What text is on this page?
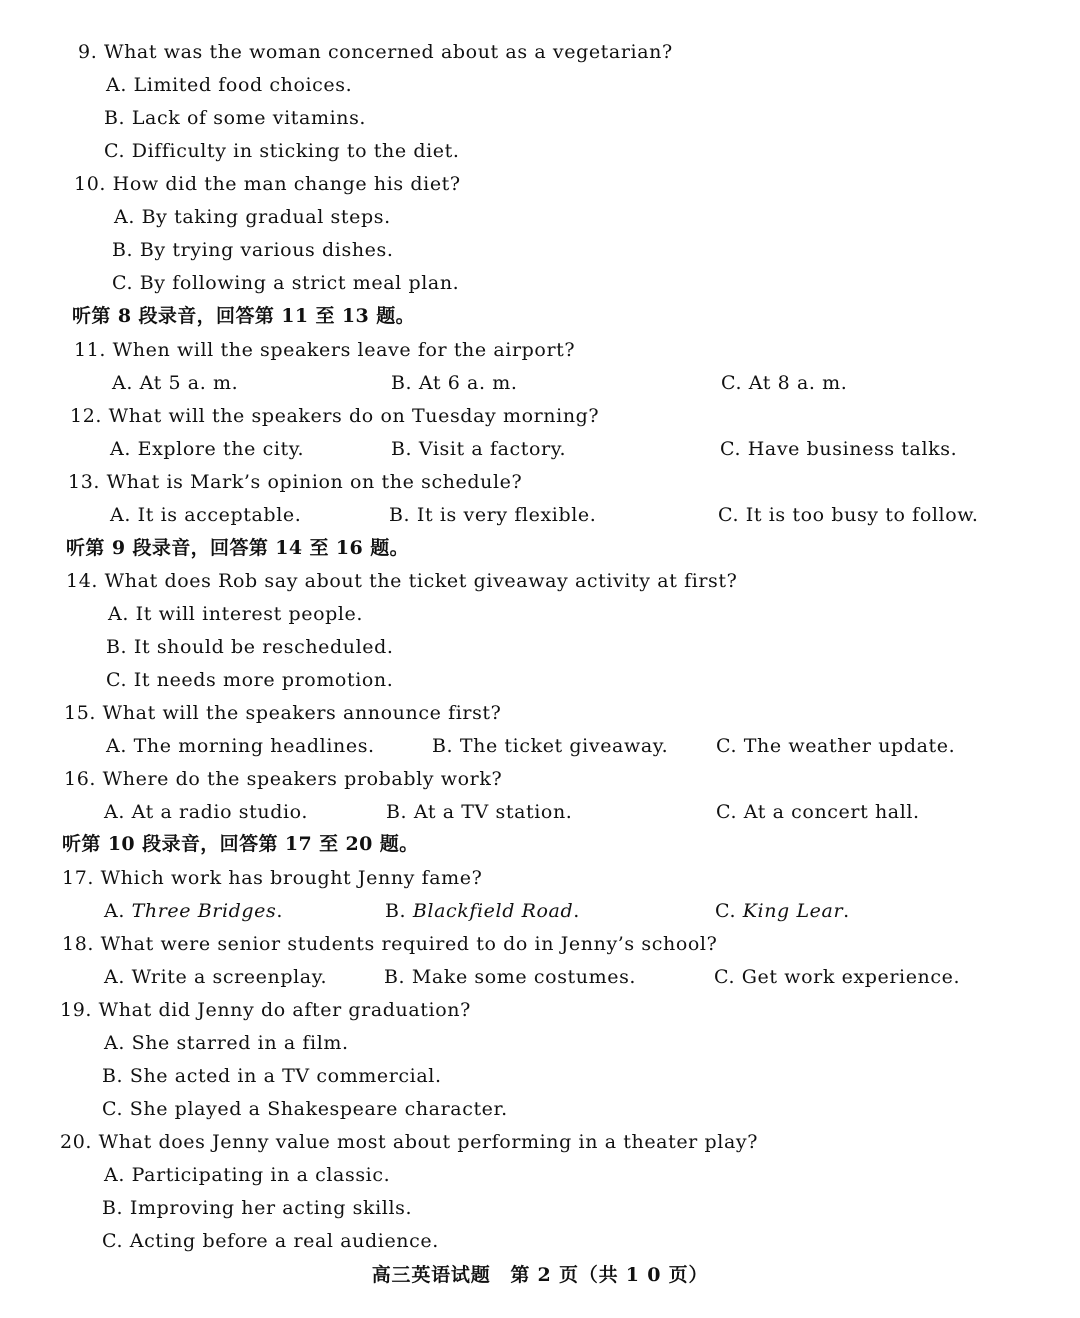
9. What was the woman concerned about as a vegetarian?
A. Limited food choices.
B. Lack of some vitamins.
C. Difficulty in sticking to the diet.
10. How did the man change his diet?
A. By taking gradual steps.
B. By trying various dishes.
C. By following a strict meal plan.
听第 8 段录音，回答第 11 至 13 题。
11. When will the speakers leave for the airport?
A. At 5 a. m.	B. At 6 a. m.	C. At 8 a. m.
12. What will the speakers do on Tuesday morning?
A. Explore the city.	B. Visit a factory.	C. Have business talks.
13. What is Mark’s opinion on the schedule?
A. It is acceptable.	B. It is very flexible.	C. It is too busy to follow.
听第 9 段录音，回答第 14 至 16 题。
14. What does Rob say about the ticket giveaway activity at first?
A. It will interest people.
B. It should be rescheduled.
C. It needs more promotion.
15. What will the speakers announce first?
A. The morning headlines.	B. The ticket giveaway.	C. The weather update.
16. Where do the speakers probably work?
A. At a radio studio.	B. At a TV station.	C. At a concert hall.
听第 10 段录音，回答第 17 至 20 题。
17. Which work has brought Jenny fame?
A. Three Bridges.	B. Blackfield Road.	C. King Lear.
18. What were senior students required to do in Jenny’s school?
A. Write a screenplay.	B. Make some costumes.	C. Get work experience.
19. What did Jenny do after graduation?
A. She starred in a film.
B. She acted in a TV commercial.
C. She played a Shakespeare character.
20. What does Jenny value most about performing in a theater play?
A. Participating in a classic.
B. Improving her acting skills.
C. Acting before a real audience.
高三英语试题　第 2 页（共 1 0 页）
